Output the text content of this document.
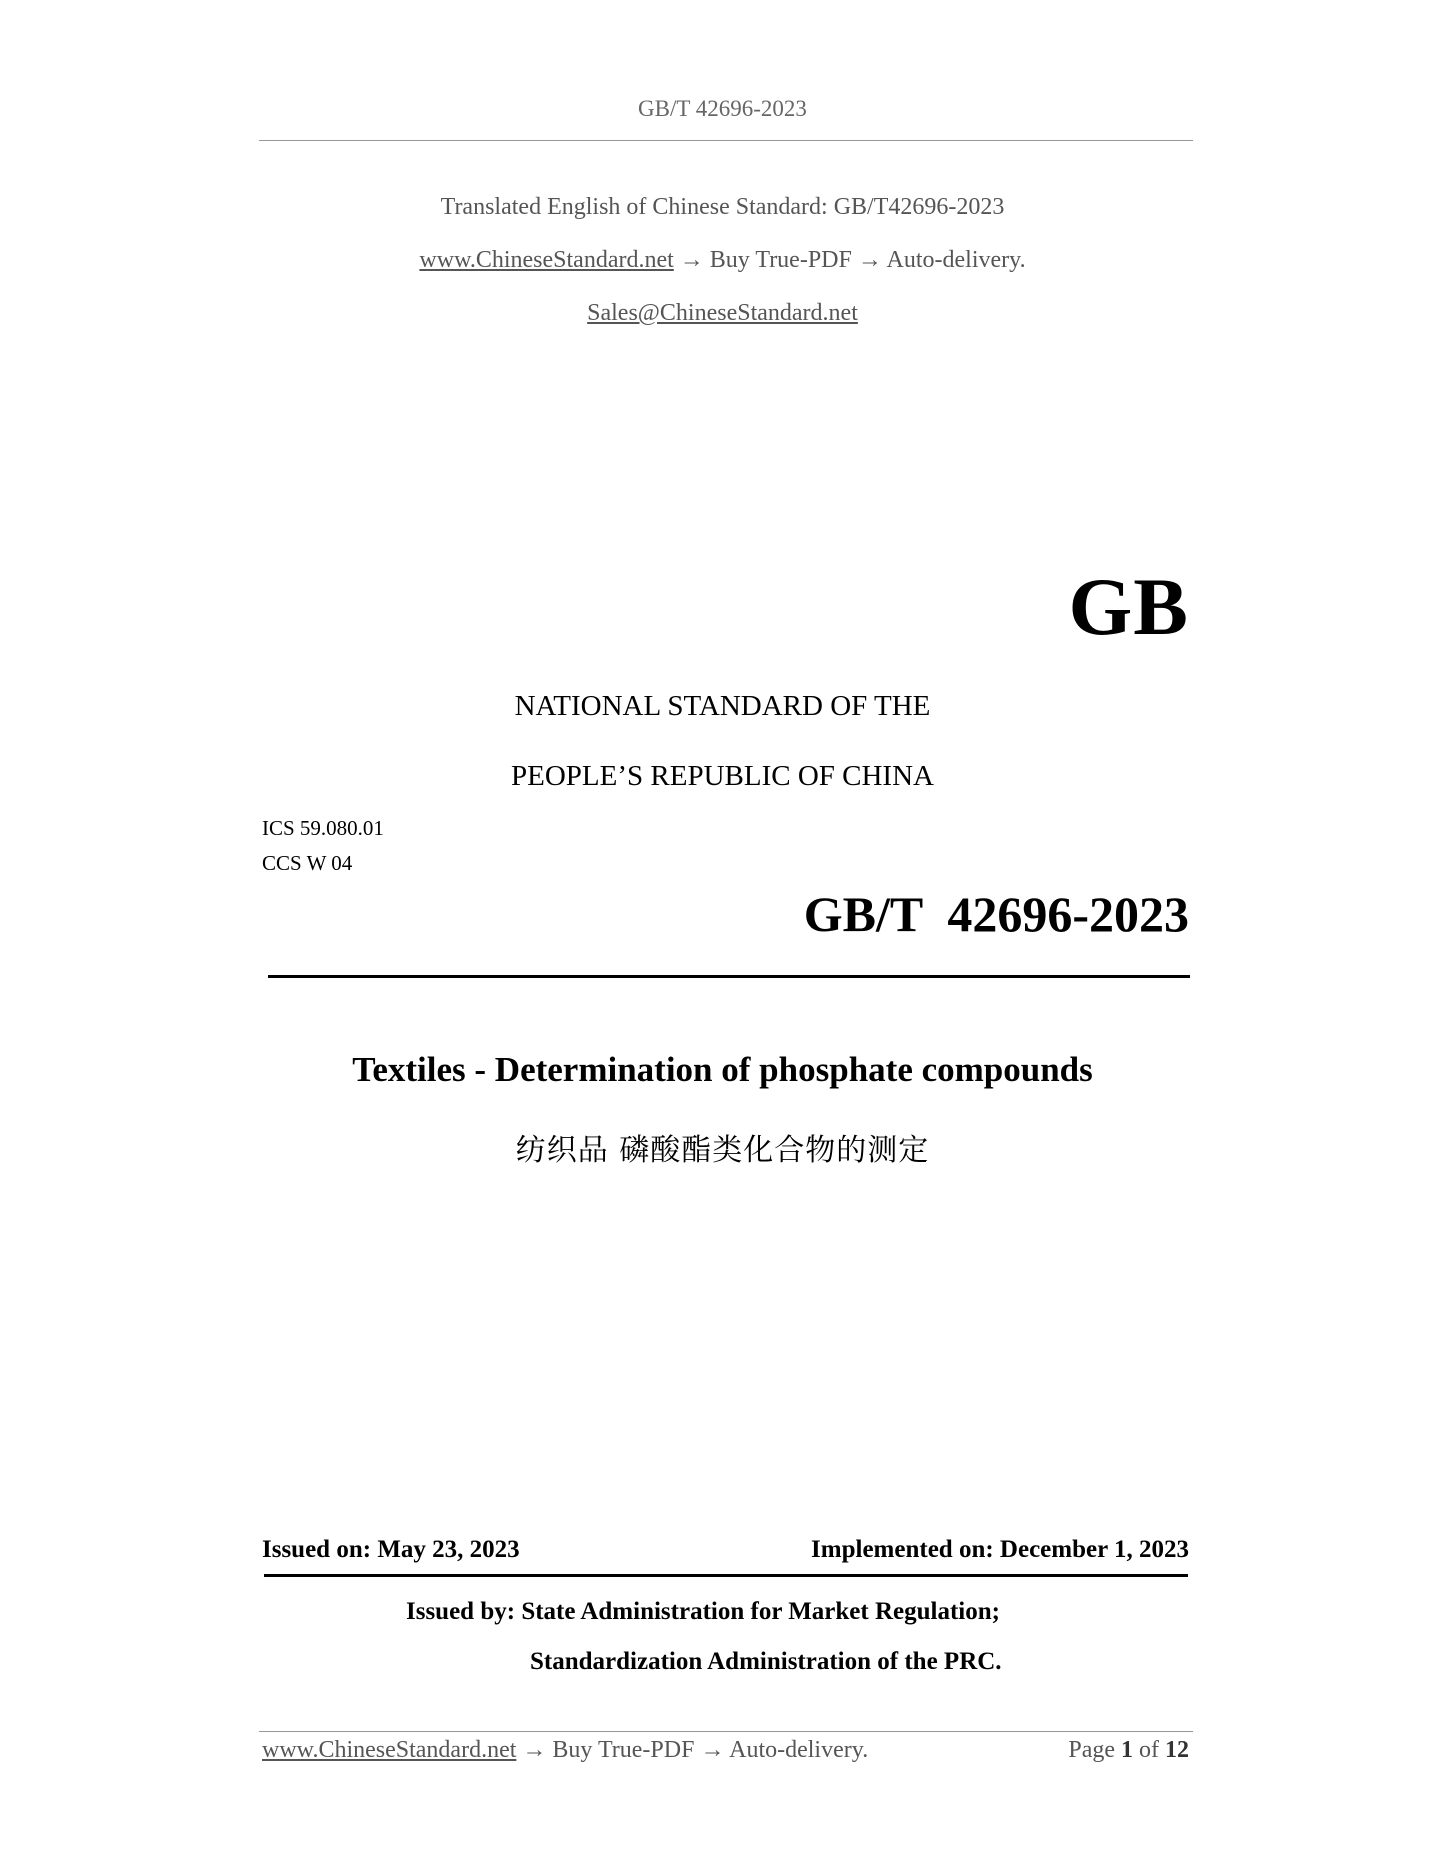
GB/T 42696-2023
Translated English of Chinese Standard: GB/T42696-2023
www.ChineseStandard.net → Buy True-PDF → Auto-delivery.
Sales@ChineseStandard.net
GB
NATIONAL STANDARD OF THE
PEOPLE’S REPUBLIC OF CHINA
ICS 59.080.01
CCS W 04
GB/T  42696-2023
Textiles - Determination of phosphate compounds
纺织品 磷酸酯类化合物的测定
Issued on: May 23, 2023	Implemented on: December 1, 2023
Issued by: State Administration for Market Regulation;
Standardization Administration of the PRC.
www.ChineseStandard.net → Buy True-PDF → Auto-delivery.	Page 1 of 12
